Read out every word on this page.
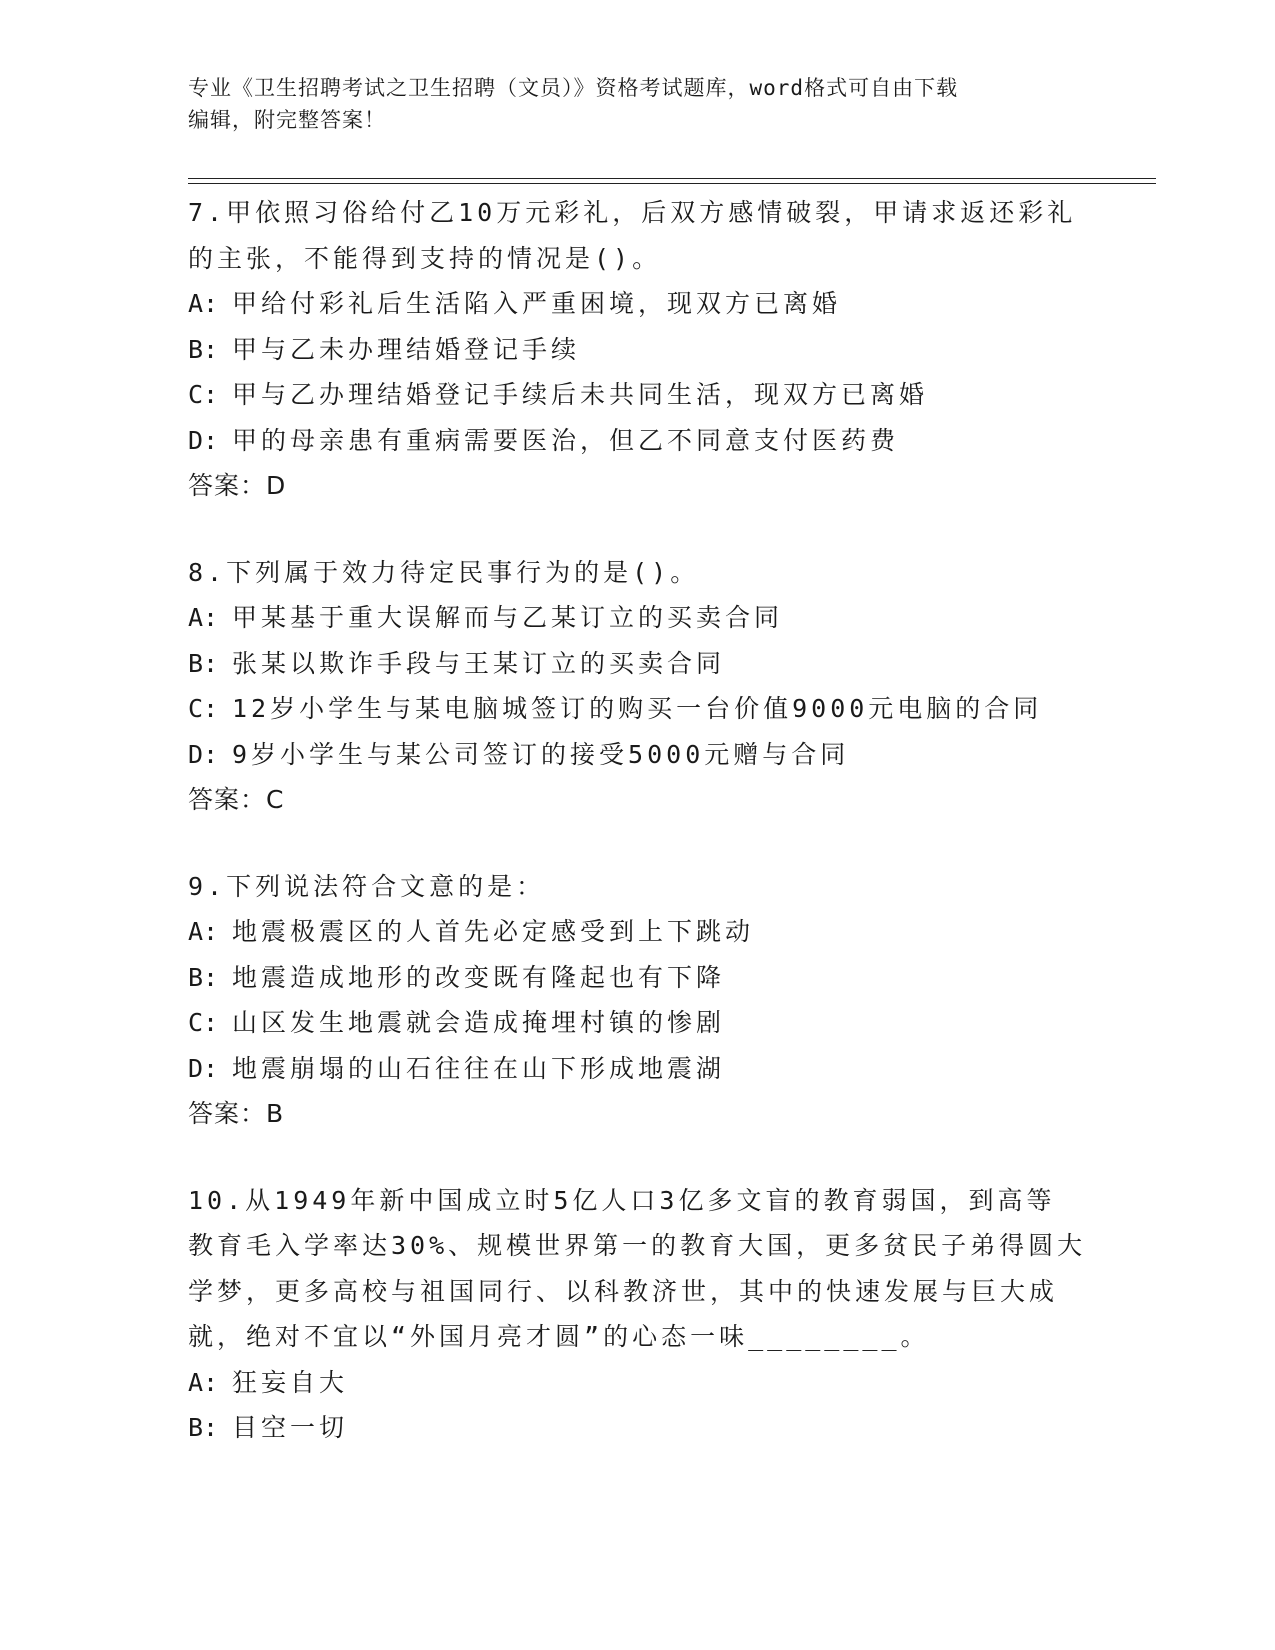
专业《卫生招聘考试之卫生招聘（文员）》资格考试题库，word格式可自由下载
编辑，附完整答案！
7.甲依照习俗给付乙10万元彩礼，后双方感情破裂，甲请求返还彩礼
的主张，不能得到支持的情况是()。
A: 甲给付彩礼后生活陷入严重困境，现双方已离婚
B: 甲与乙未办理结婚登记手续
C: 甲与乙办理结婚登记手续后未共同生活，现双方已离婚
D: 甲的母亲患有重病需要医治，但乙不同意支付医药费
答案：D
8.下列属于效力待定民事行为的是()。
A: 甲某基于重大误解而与乙某订立的买卖合同
B: 张某以欺诈手段与王某订立的买卖合同
C: 12岁小学生与某电脑城签订的购买一台价值9000元电脑的合同
D: 9岁小学生与某公司签订的接受5000元赠与合同
答案：C
9.下列说法符合文意的是：
A: 地震极震区的人首先必定感受到上下跳动
B: 地震造成地形的改变既有隆起也有下降
C: 山区发生地震就会造成掩埋村镇的惨剧
D: 地震崩塌的山石往往在山下形成地震湖
答案：B
10.从1949年新中国成立时5亿人口3亿多文盲的教育弱国，到高等
教育毛入学率达30%、规模世界第一的教育大国，更多贫民子弟得圆大
学梦，更多高校与祖国同行、以科教济世，其中的快速发展与巨大成
就，绝对不宜以“外国月亮才圆”的心态一味________。
A: 狂妄自大
B: 目空一切
